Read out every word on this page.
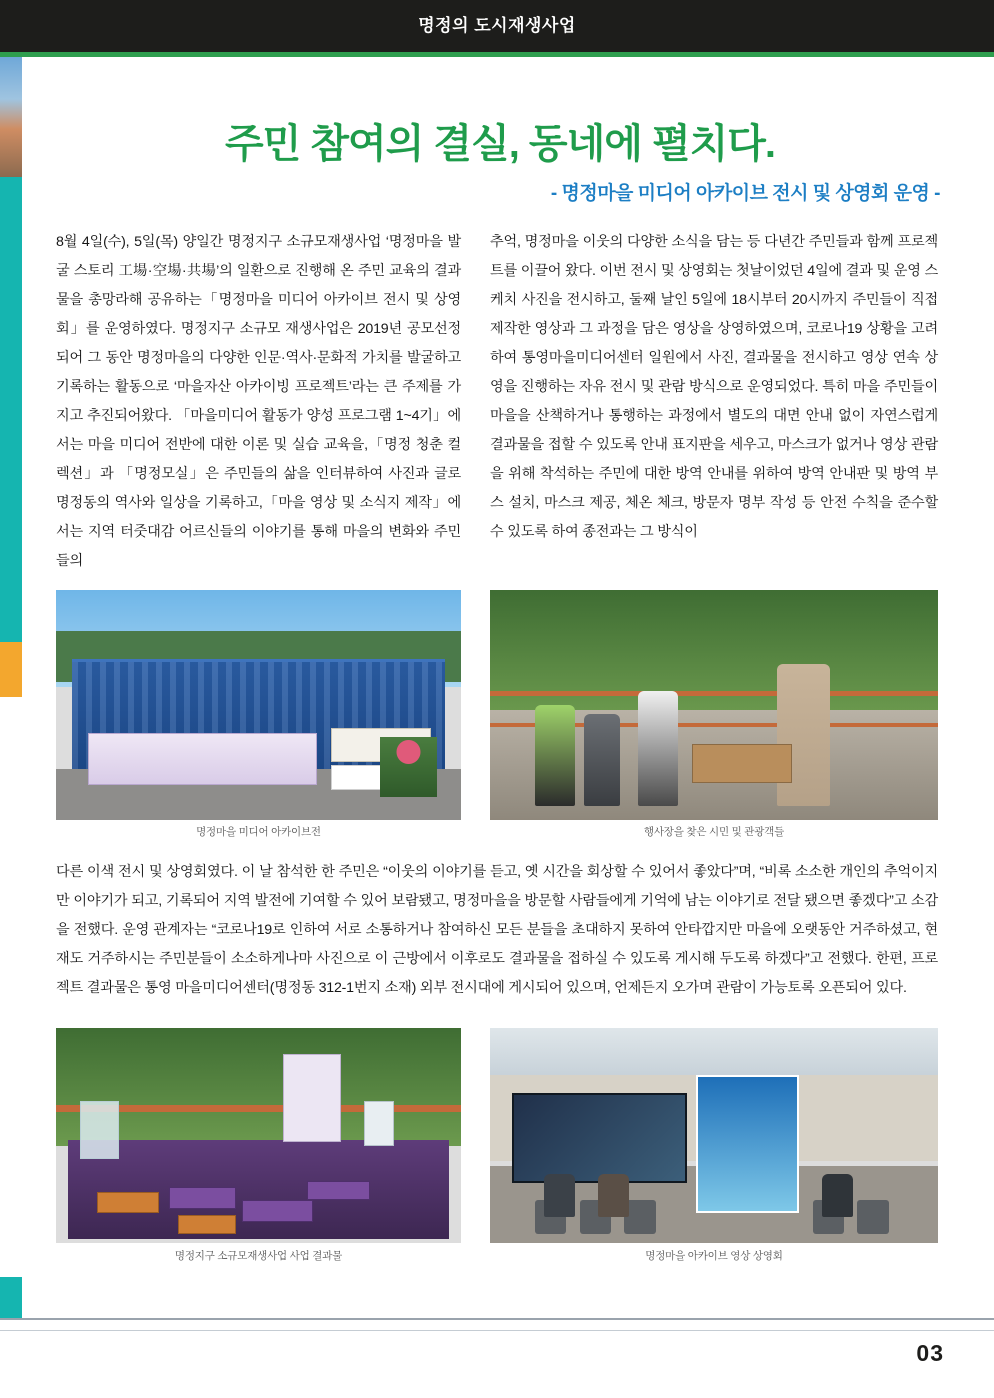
명정의 도시재생사업
주민 참여의 결실, 동네에 펼치다.
- 명정마을 미디어 아카이브 전시 및 상영회 운영 -
8월 4일(수), 5일(목) 양일간 명정지구 소규모재생사업 ‘명정마을 발굴 스토리 工場·空場·共場’의 일환으로 진행해 온 주민 교육의 결과물을 총망라해 공유하는「명정마을 미디어 아카이브 전시 및 상영회」를 운영하였다. 명정지구 소규모 재생사업은 2019년 공모선정 되어 그 동안 명정마을의 다양한 인문·역사·문화적 가치를 발굴하고 기록하는 활동으로 ‘마을자산 아카이빙 프로젝트’라는 큰 주제를 가지고 추진되어왔다. 「마을미디어 활동가 양성 프로그램 1~4기」에서는 마을 미디어 전반에 대한 이론 및 실습 교육을,「명정 청춘 컬렉션」과 「명정모실」은 주민들의 삶을 인터뷰하여 사진과 글로 명정동의 역사와 일상을 기록하고,「마을 영상 및 소식지 제작」에서는 지역 터줏대감 어르신들의 이야기를 통해 마을의 변화와 주민들의
추억, 명정마을 이웃의 다양한 소식을 담는 등 다년간 주민들과 함께 프로젝트를 이끌어 왔다. 이번 전시 및 상영회는 첫날이었던 4일에 결과 및 운영 스케치 사진을 전시하고, 둘째 날인 5일에 18시부터 20시까지 주민들이 직접 제작한 영상과 그 과정을 담은 영상을 상영하였으며, 코로나19 상황을 고려하여 통영마을미디어센터 일원에서 사진, 결과물을 전시하고 영상 연속 상영을 진행하는 자유 전시 및 관람 방식으로 운영되었다. 특히 마을 주민들이 마을을 산책하거나 통행하는 과정에서 별도의 대면 안내 없이 자연스럽게 결과물을 접할 수 있도록 안내 표지판을 세우고, 마스크가 없거나 영상 관람을 위해 착석하는 주민에 대한 방역 안내를 위하여 방역 안내판 및 방역 부스 설치, 마스크 제공, 체온 체크, 방문자 명부 작성 등 안전 수칙을 준수할 수 있도록 하여 종전과는 그 방식이
명정마을 미디어 아카이브전	행사장을 찾은 시민 및 관광객들
다른 이색 전시 및 상영회였다. 이 날 참석한 한 주민은 “이웃의 이야기를 듣고, 옛 시간을 회상할 수 있어서 좋았다”며, “비록 소소한 개인의 추억이지만 이야기가 되고, 기록되어 지역 발전에 기여할 수 있어 보람됐고, 명정마을을 방문할 사람들에게 기억에 남는 이야기로 전달 됐으면 좋겠다”고 소감을 전했다. 운영 관계자는 “코로나19로 인하여 서로 소통하거나 참여하신 모든 분들을 초대하지 못하여 안타깝지만 마을에 오랫동안 거주하셨고, 현재도 거주하시는 주민분들이 소소하게나마 사진으로 이 근방에서 이후로도 결과물을 접하실 수 있도록 게시해 두도록 하겠다”고 전했다. 한편, 프로젝트 결과물은 통영 마을미디어센터(명정동 312-1번지 소재) 외부 전시대에 게시되어 있으며, 언제든지 오가며 관람이 가능토록 오픈되어 있다.
명정지구 소규모재생사업 사업 결과물	명정마을 아카이브 영상 상영회
03
